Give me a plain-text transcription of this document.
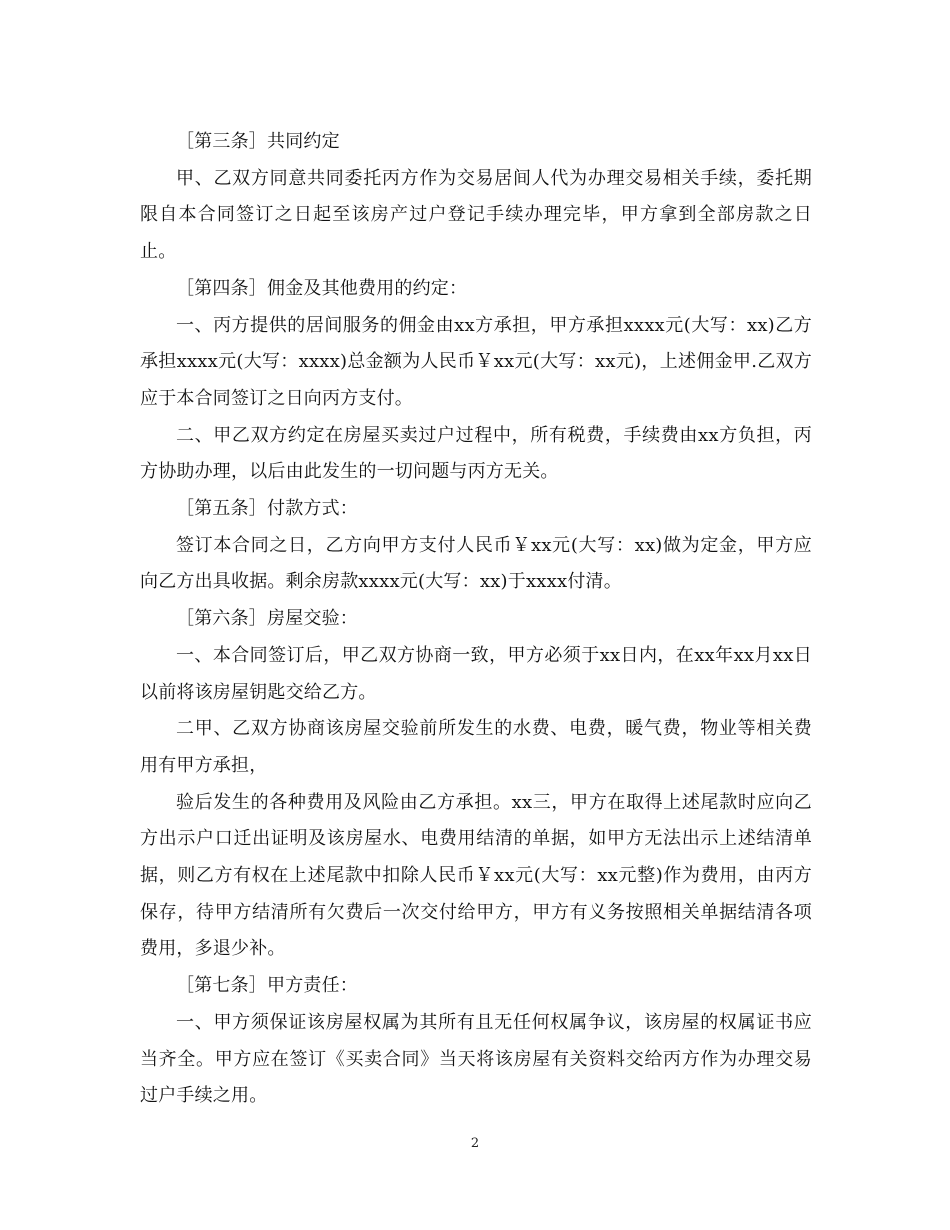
［第三条］共同约定

甲、乙双方同意共同委托丙方作为交易居间人代为办理交易相关手续，委托期限自本合同签订之日起至该房产过户登记手续办理完毕，甲方拿到全部房款之日止。

［第四条］佣金及其他费用的约定：

一、丙方提供的居间服务的佣金由xx方承担，甲方承担xxxx元(大写：xx)乙方承担xxxx元(大写：xxxx)总金额为人民币￥xx元(大写：xx元)，上述佣金甲.乙双方应于本合同签订之日向丙方支付。

二、甲乙双方约定在房屋买卖过户过程中，所有税费，手续费由xx方负担，丙方协助办理，以后由此发生的一切问题与丙方无关。

［第五条］付款方式：

签订本合同之日，乙方向甲方支付人民币￥xx元(大写：xx)做为定金，甲方应向乙方出具收据。剩余房款xxxx元(大写：xx)于xxxx付清。

［第六条］房屋交验：

一、本合同签订后，甲乙双方协商一致，甲方必须于xx日内，在xx年xx月xx日以前将该房屋钥匙交给乙方。

二甲、乙双方协商该房屋交验前所发生的水费、电费，暖气费，物业等相关费用有甲方承担，

验后发生的各种费用及风险由乙方承担。xx三，甲方在取得上述尾款时应向乙方出示户口迁出证明及该房屋水、电费用结清的单据，如甲方无法出示上述结清单据，则乙方有权在上述尾款中扣除人民币￥xx元(大写：xx元整)作为费用，由丙方保存，待甲方结清所有欠费后一次交付给甲方，甲方有义务按照相关单据结清各项费用，多退少补。

［第七条］甲方责任：

一、甲方须保证该房屋权属为其所有且无任何权属争议，该房屋的权属证书应当齐全。甲方应在签订《买卖合同》当天将该房屋有关资料交给丙方作为办理交易过户手续之用。

2
